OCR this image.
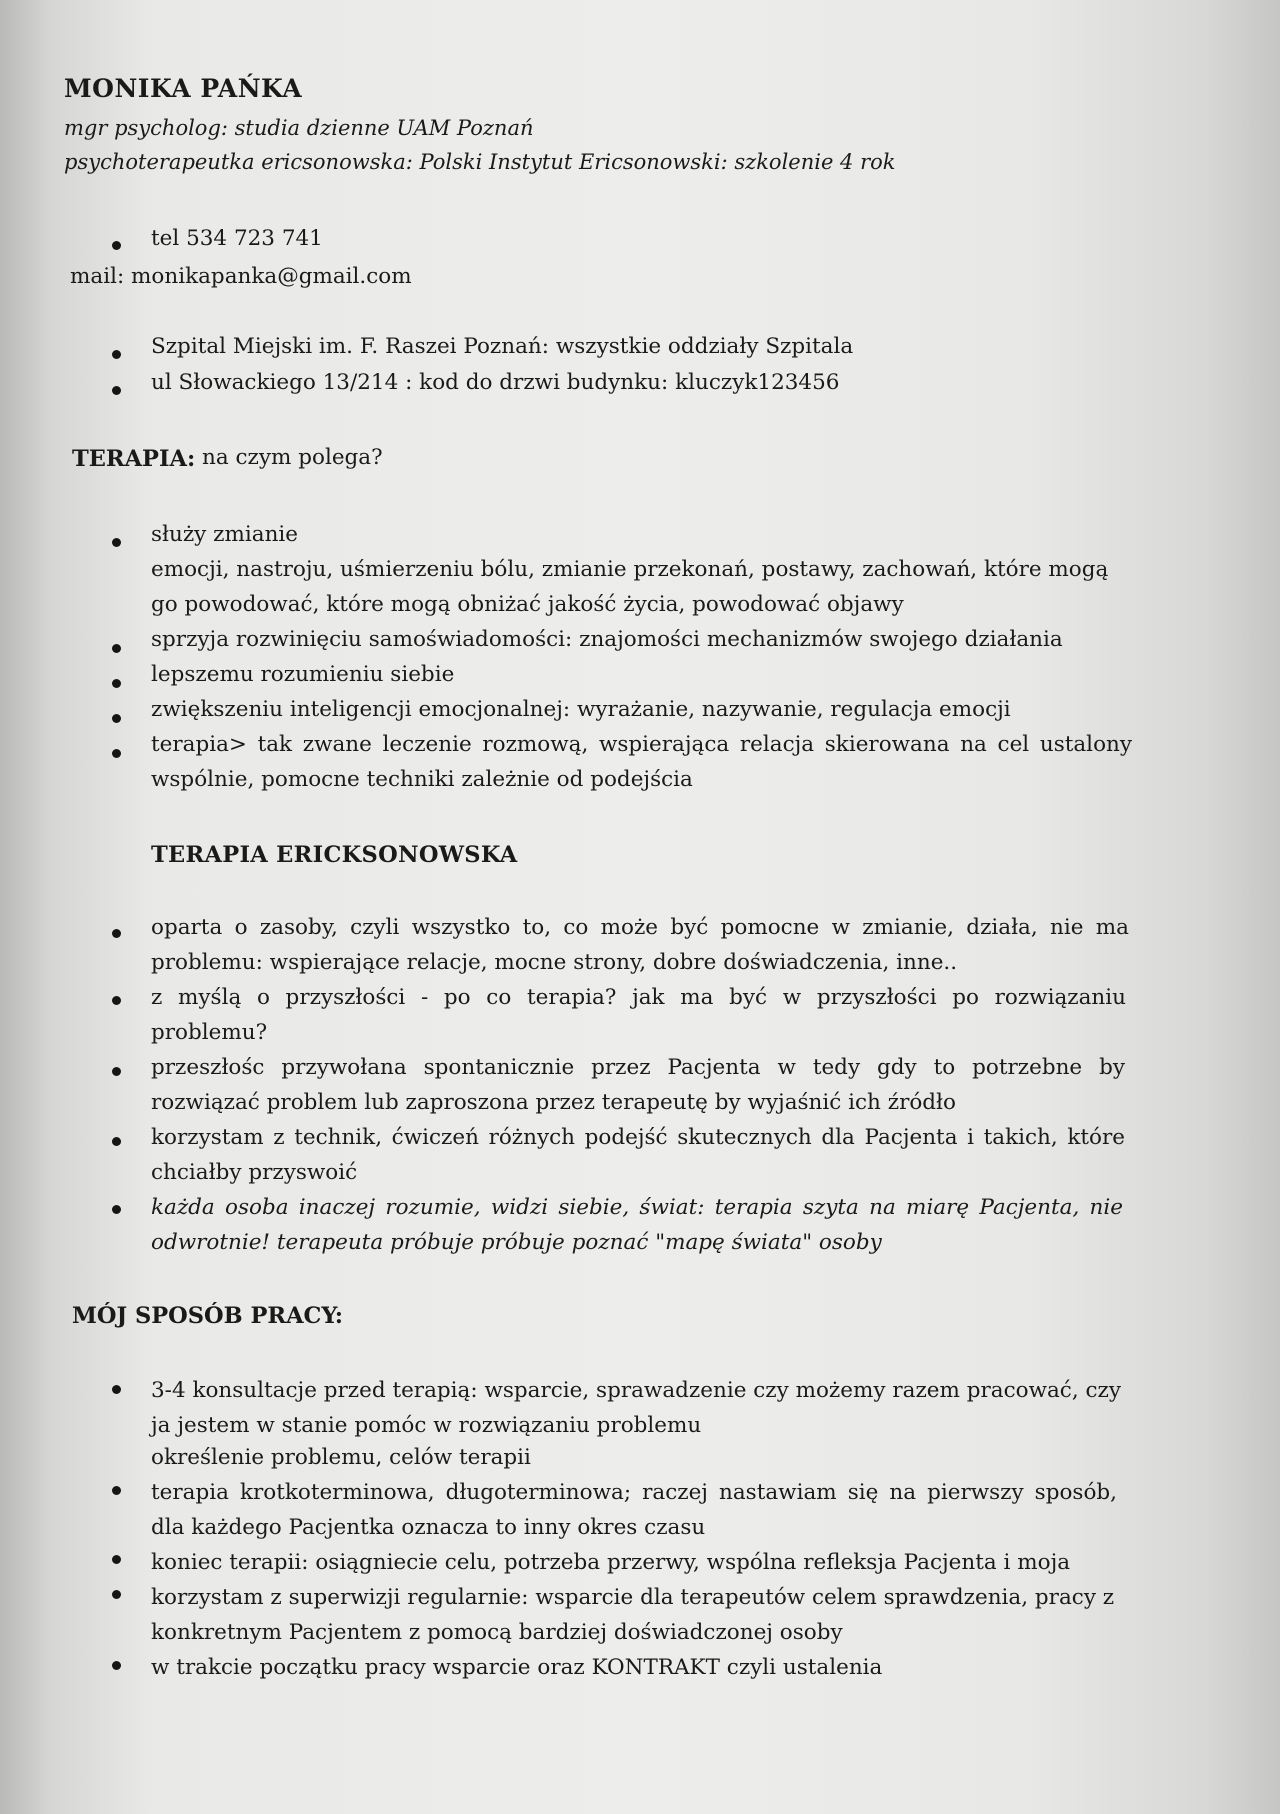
MONIKA PAŃKA
mgr psycholog: studia dzienne UAM Poznań
psychoterapeutka ericsonowska: Polski Instytut Ericsonowski: szkolenie 4 rok
tel 534 723 741
mail: monikapanka@gmail.com
Szpital Miejski im. F. Raszei Poznań: wszystkie oddziały Szpitala
ul Słowackiego 13/214 : kod do drzwi budynku: kluczyk123456
TERAPIA: na czym polega?
służy zmianie
emocji, nastroju, uśmierzeniu bólu, zmianie przekonań, postawy, zachowań, które mogą
go powodować, które mogą obniżać jakość życia, powodować objawy
sprzyja rozwinięciu samoświadomości: znajomości mechanizmów swojego działania
lepszemu rozumieniu siebie
zwiększeniu inteligencji emocjonalnej: wyrażanie, nazywanie, regulacja emocji
terapia> tak zwane leczenie rozmową, wspierająca relacja skierowana na cel ustalony
wspólnie, pomocne techniki zależnie od podejścia
TERAPIA ERICKSONOWSKA
oparta o zasoby, czyli wszystko to, co może być pomocne w zmianie, działa, nie ma
problemu: wspierające relacje, mocne strony, dobre doświadczenia, inne..
z myślą o przyszłości - po co terapia? jak ma być w przyszłości po rozwiązaniu
problemu?
przeszłośc przywołana spontanicznie przez Pacjenta w tedy gdy to potrzebne by
rozwiązać problem lub zaproszona przez terapeutę by wyjaśnić ich źródło
korzystam z technik, ćwiczeń różnych podejść skutecznych dla Pacjenta i takich, które
chciałby przyswoić
każda osoba inaczej rozumie, widzi siebie, świat: terapia szyta na miarę Pacjenta, nie
odwrotnie! terapeuta próbuje próbuje poznać "mapę świata" osoby
MÓJ SPOSÓB PRACY:
3-4 konsultacje przed terapią: wsparcie, sprawadzenie czy możemy razem pracować, czy
ja jestem w stanie pomóc w rozwiązaniu problemu
określenie problemu, celów terapii
terapia krotkoterminowa, długoterminowa; raczej nastawiam się na pierwszy sposób,
dla każdego Pacjentka oznacza to inny okres czasu
koniec terapii: osiągniecie celu, potrzeba przerwy, wspólna refleksja Pacjenta i moja
korzystam z superwizji regularnie: wsparcie dla terapeutów celem sprawdzenia, pracy z
konkretnym Pacjentem z pomocą bardziej doświadczonej osoby
w trakcie początku pracy wsparcie oraz KONTRAKT czyli ustalenia
